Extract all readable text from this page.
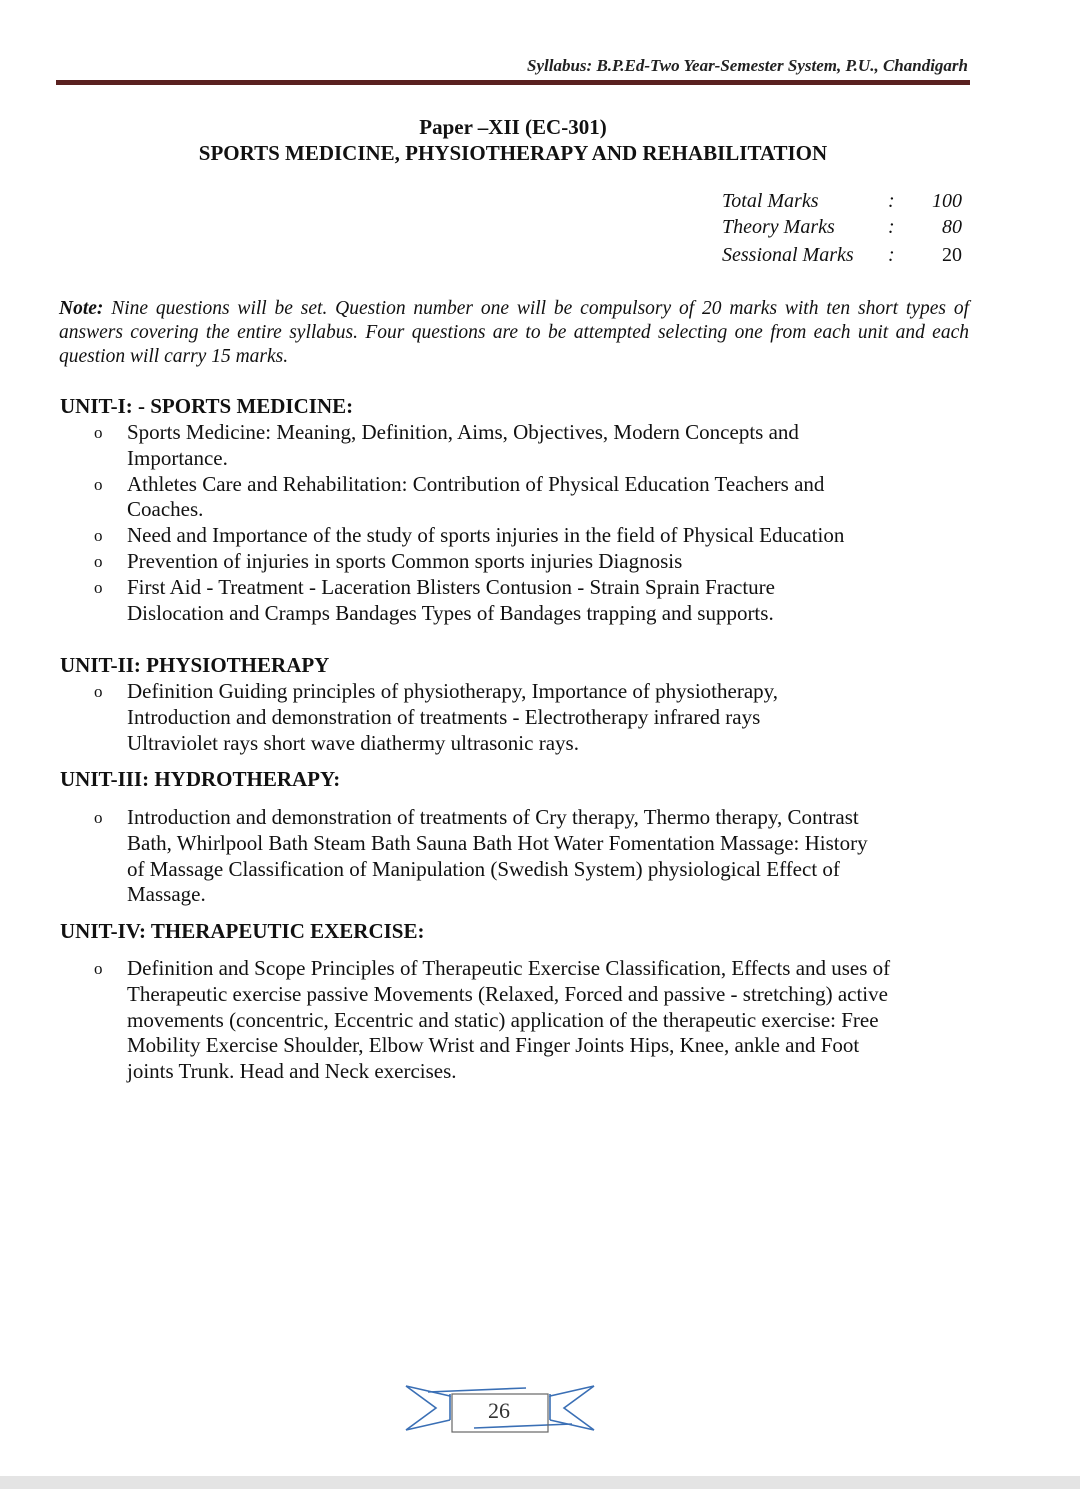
Syllabus: B.P.Ed-Two Year-Semester System, P.U., Chandigarh
Paper –XII (EC-301)
SPORTS MEDICINE, PHYSIOTHERAPY AND REHABILITATION
Total Marks	: 100
Theory Marks	: 80
Sessional Marks : 20
Note: Nine questions will be set. Question number one will be compulsory of 20 marks with ten short types of answers covering the entire syllabus. Four questions are to be attempted selecting one from each unit and each question will carry 15 marks.
UNIT-I: - SPORTS MEDICINE:
o Sports Medicine: Meaning, Definition, Aims, Objectives, Modern Concepts and
Importance.
o Athletes Care and Rehabilitation: Contribution of Physical Education Teachers and
Coaches.
o Need and Importance of the study of sports injuries in the field of Physical Education
o Prevention of injuries in sports Common sports injuries Diagnosis
o First Aid - Treatment - Laceration Blisters Contusion - Strain Sprain Fracture
Dislocation and Cramps Bandages Types of Bandages trapping and supports.
UNIT-II: PHYSIOTHERAPY
o Definition Guiding principles of physiotherapy, Importance of physiotherapy,
Introduction and demonstration of treatments - Electrotherapy infrared rays
Ultraviolet rays short wave diathermy ultrasonic rays.
UNIT-III: HYDROTHERAPY:
o Introduction and demonstration of treatments of Cry therapy, Thermo therapy, Contrast
Bath, Whirlpool Bath Steam Bath Sauna Bath Hot Water Fomentation Massage: History
of Massage Classification of Manipulation (Swedish System) physiological Effect of
Massage.
UNIT-IV: THERAPEUTIC EXERCISE:
o Definition and Scope Principles of Therapeutic Exercise Classification, Effects and uses of
Therapeutic exercise passive Movements (Relaxed, Forced and passive - stretching) active
movements (concentric, Eccentric and static) application of the therapeutic exercise: Free
Mobility Exercise Shoulder, Elbow Wrist and Finger Joints Hips, Knee, ankle and Foot
joints Trunk. Head and Neck exercises.
26
